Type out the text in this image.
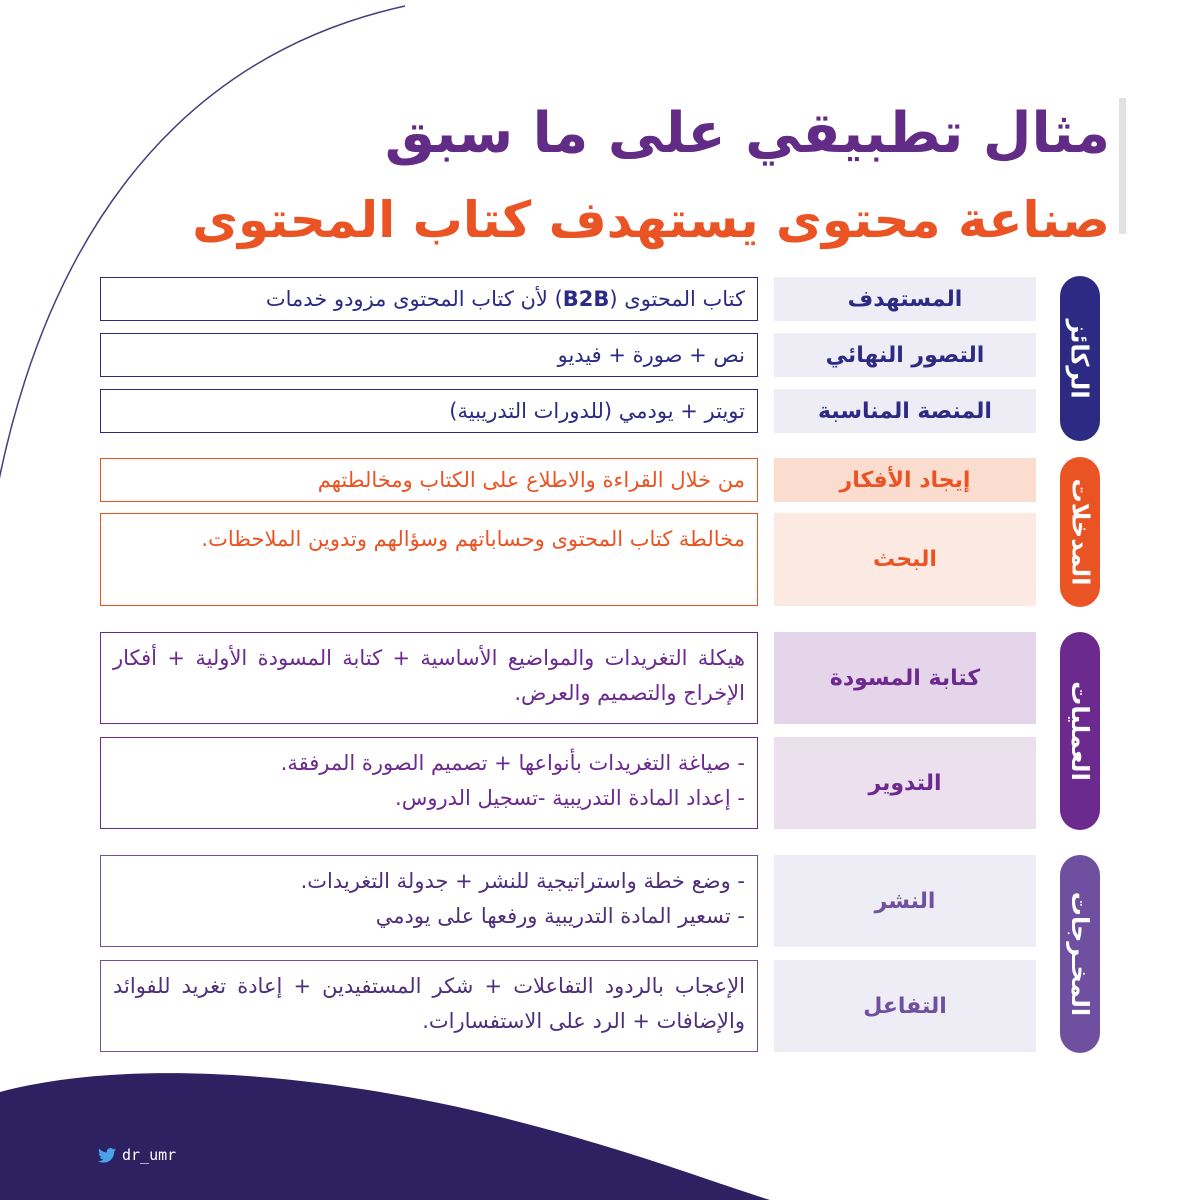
مثال تطبيقي على ما سبق
صناعة محتوى يستهدف كتاب المحتوى
الركائز
المدخلات
العمليات
المخـرجات
المستهدف
كتاب المحتوى (B2B) لأن كتاب المحتوى مزودو خدمات
التصور النهائي
نص + صورة + فيديو
المنصة المناسبة
تويتر + يودمي (للدورات التدريبية)
إيجاد الأفكار
من خلال القراءة والاطلاع على الكتاب ومخالطتهم
البحث
مخالطة كتاب المحتوى وحساباتهم وسؤالهم وتدوين الملاحظات.
كتابة المسودة
هيكلة التغريدات والمواضيع الأساسية + كتابة المسودة الأولية + أفكار الإخراج والتصميم والعرض.
التدوير
- صياغة التغريدات بأنواعها + تصميم الصورة المرفقة.
- إعداد المادة التدريبية -تسجيل الدروس.
النشر
- وضع خطة واستراتيجية للنشر + جدولة التغريدات.
- تسعير المادة التدريبية ورفعها على يودمي
التفاعل
الإعجاب بالردود التفاعلات + شكر المستفيدين + إعادة تغريد للفوائد والإضافات + الرد على الاستفسارات.
dr_umr
